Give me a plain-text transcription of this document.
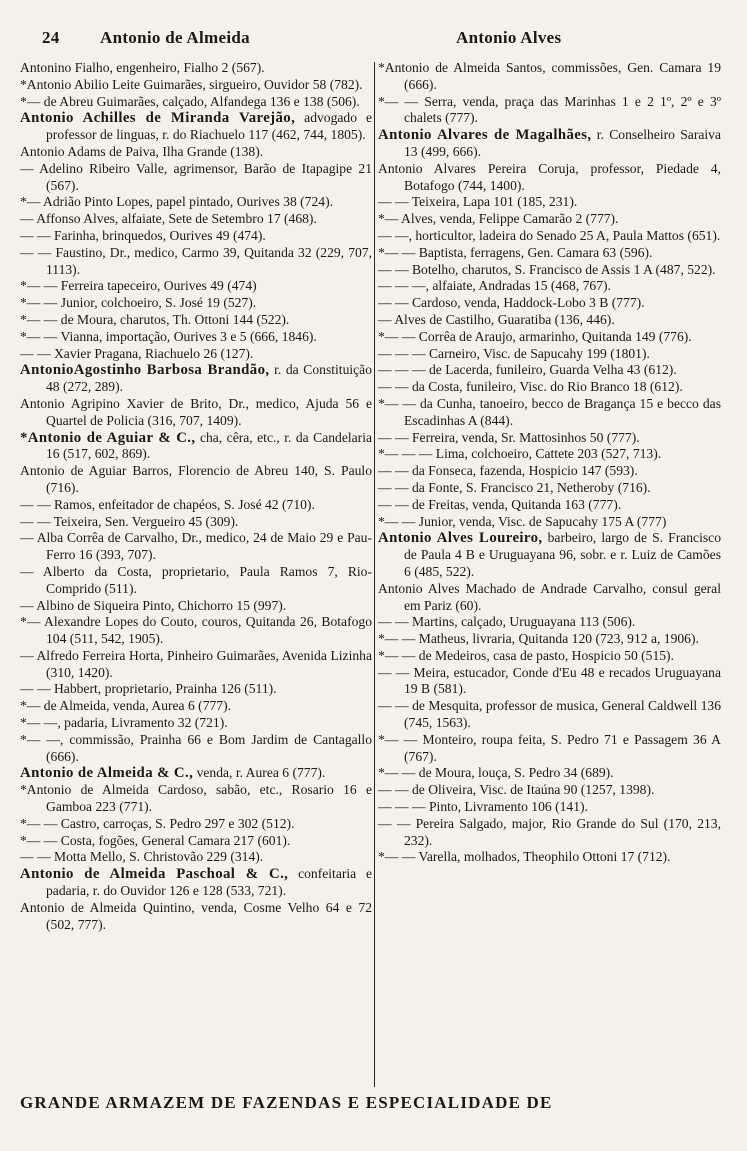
24 Antonio de Almeida	Antonio Alves

Antonino Fialho, engenheiro, Fialho 2 (567).

*Antonio Abilio Leite Guimarães, sirgueiro, Ouvidor 58 (782).

*— de Abreu Guimarães, calçado, Alfandega 136 e 138 (506).

Antonio Achilles de Miranda Varejão, advogado e professor de linguas, r. do Riachuelo 117 (462, 744, 1805).

Antonio Adams de Paiva, Ilha Grande (138).

— Adelino Ribeiro Valle, agrimensor, Barão de Itapagipe 21 (567).

*— Adrião Pinto Lopes, papel pintado, Ourives 38 (724).

— Affonso Alves, alfaiate, Sete de Setembro 17 (468).

— — Farinha, brinquedos, Ourives 49 (474).

— — Faustino, Dr., medico, Carmo 39, Quitanda 32 (229, 707, 1113).

*— — Ferreira tapeceiro, Ourives 49 (474)

*— — Junior, colchoeiro, S. José 19 (527).

*— — de Moura, charutos, Th. Ottoni 144 (522).

*— — Vianna, importação, Ourives 3 e 5 (666, 1846).

— — Xavier Pragana, Riachuelo 26 (127).

AntonioAgostinho Barbosa Brandão, r. da Constituição 48 (272, 289).

Antonio Agripino Xavier de Brito, Dr., medico, Ajuda 56 e Quartel de Policia (316, 707, 1409).

*Antonio de Aguiar & C., cha, cêra, etc., r. da Candelaria 16 (517, 602, 869).

Antonio de Aguiar Barros, Florencio de Abreu 140, S. Paulo (716).

— — Ramos, enfeitador de chapéos, S. José 42 (710).

— — Teixeira, Sen. Vergueiro 45 (309).

— Alba Corrêa de Carvalho, Dr., medico, 24 de Maio 29 e Pau-Ferro 16 (393, 707).

— Alberto da Costa, proprietario, Paula Ramos 7, Rio-Comprido (511).

— Albino de Siqueira Pinto, Chichorro 15 (997).

*— Alexandre Lopes do Couto, couros, Quitanda 26, Botafogo 104 (511, 542, 1905).

— Alfredo Ferreira Horta, Pinheiro Guimarães, Avenida Lizinha (310, 1420).

— — Habbert, proprietario, Prainha 126 (511).

*— de Almeida, venda, Aurea 6 (777).

*— —, padaria, Livramento 32 (721).

*— —, commissão, Prainha 66 e Bom Jardim de Cantagallo (666).

Antonio de Almeida & C., venda, r. Aurea 6 (777).

*Antonio de Almeida Cardoso, sabão, etc., Rosario 16 e Gamboa 223 (771).

*— — Castro, carroças, S. Pedro 297 e 302 (512).

*— — Costa, fogões, General Camara 217 (601).

— — Motta Mello, S. Christovão 229 (314).

Antonio de Almeida Paschoal & C., confeitaria e padaria, r. do Ouvidor 126 e 128 (533, 721).

Antonio de Almeida Quintino, venda, Cosme Velho 64 e 72 (502, 777).

*Antonio de Almeida Santos, commissões, Gen. Camara 19 (666).

*— — Serra, venda, praça das Marinhas 1 e 2 1º, 2º e 3º chalets (777).

Antonio Alvares de Magalhães, r. Conselheiro Saraiva 13 (499, 666).

Antonio Alvares Pereira Coruja, professor, Piedade 4, Botafogo (744, 1400).

— — Teixeira, Lapa 101 (185, 231).

*— Alves, venda, Felippe Camarão 2 (777).

— —, horticultor, ladeira do Senado 25 A, Paula Mattos (651).

*— — Baptista, ferragens, Gen. Camara 63 (596).

— — Botelho, charutos, S. Francisco de Assis 1 A (487, 522).

— — —, alfaiate, Andradas 15 (468, 767).

— — Cardoso, venda, Haddock-Lobo 3 B (777).

— Alves de Castilho, Guaratiba (136, 446).

*— — Corrêa de Araujo, armarinho, Quitanda 149 (776).

— — — Carneiro, Visc. de Sapucahy 199 (1801).

— — — de Lacerda, funileiro, Guarda Velha 43 (612).

— — da Costa, funileiro, Visc. do Rio Branco 18 (612).

*— — da Cunha, tanoeiro, becco de Bragança 15 e becco das Escadinhas A (844).

— — Ferreira, venda, Sr. Mattosinhos 50 (777).

*— — — Lima, colchoeiro, Cattete 203 (527, 713).

— — da Fonseca, fazenda, Hospicio 147 (593).

— — da Fonte, S. Francisco 21, Netheroby (716).

— — de Freitas, venda, Quitanda 163 (777).

*— — Junior, venda, Visc. de Sapucahy 175 A (777)

Antonio Alves Loureiro, barbeiro, largo de S. Francisco de Paula 4 B e Uruguayana 96, sobr. e r. Luiz de Camões 6 (485, 522).

Antonio Alves Machado de Andrade Carvalho, consul geral em Pariz (60).

— — Martins, calçado, Uruguayana 113 (506).

*— — Matheus, livraria, Quitanda 120 (723, 912 a, 1906).

*— — de Medeiros, casa de pasto, Hospicio 50 (515).

— — Meira, estucador, Conde d'Eu 48 e recados Uruguayana 19 B (581).

— — de Mesquita, professor de musica, General Caldwell 136 (745, 1563).

*— — Monteiro, roupa feita, S. Pedro 71 e Passagem 36 A (767).

*— — de Moura, louça, S. Pedro 34 (689).

— — de Oliveira, Visc. de Itaúna 90 (1257, 1398).

— — — Pinto, Livramento 106 (141).

— — Pereira Salgado, major, Rio Grande do Sul (170, 213, 232).

*— — Varella, molhados, Theophilo Ottoni 17 (712).

GRANDE ARMAZEM DE FAZENDAS E ESPECIALIDADE DE
